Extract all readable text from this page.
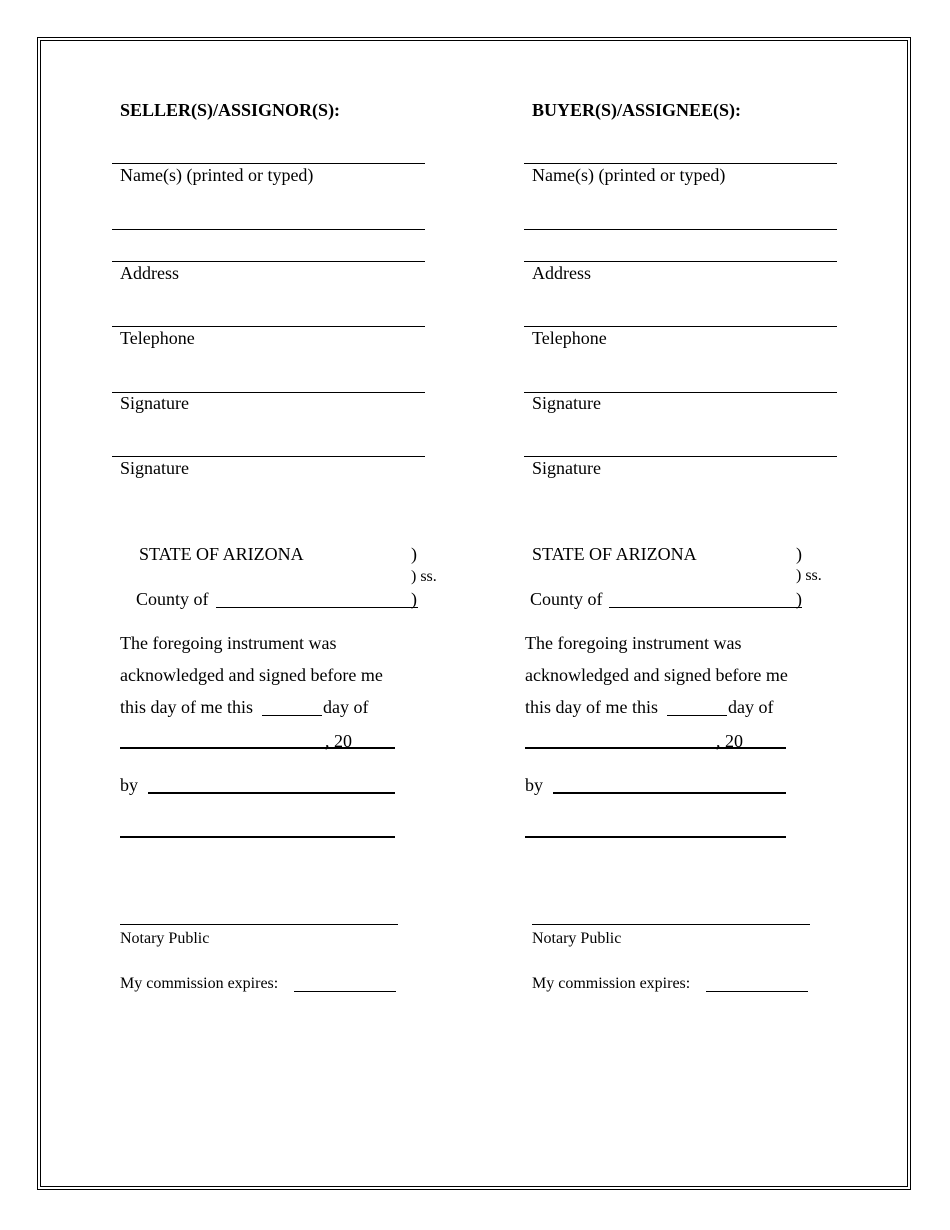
SELLER(S)/ASSIGNOR(S):
Name(s) (printed or typed)
Address
Telephone
Signature
Signature
STATE OF ARIZONA	)
) ss.
County of	)
The foregoing instrument was
acknowledged and signed before me
this day of me this	day of
, 20
by
Notary Public
My commission expires:
BUYER(S)/ASSIGNEE(S):
Name(s) (printed or typed)
Address
Telephone
Signature
Signature
STATE OF ARIZONA	)
) ss.
County of	)
The foregoing instrument was
acknowledged and signed before me
this day of me this	day of
, 20
by
Notary Public
My commission expires:
